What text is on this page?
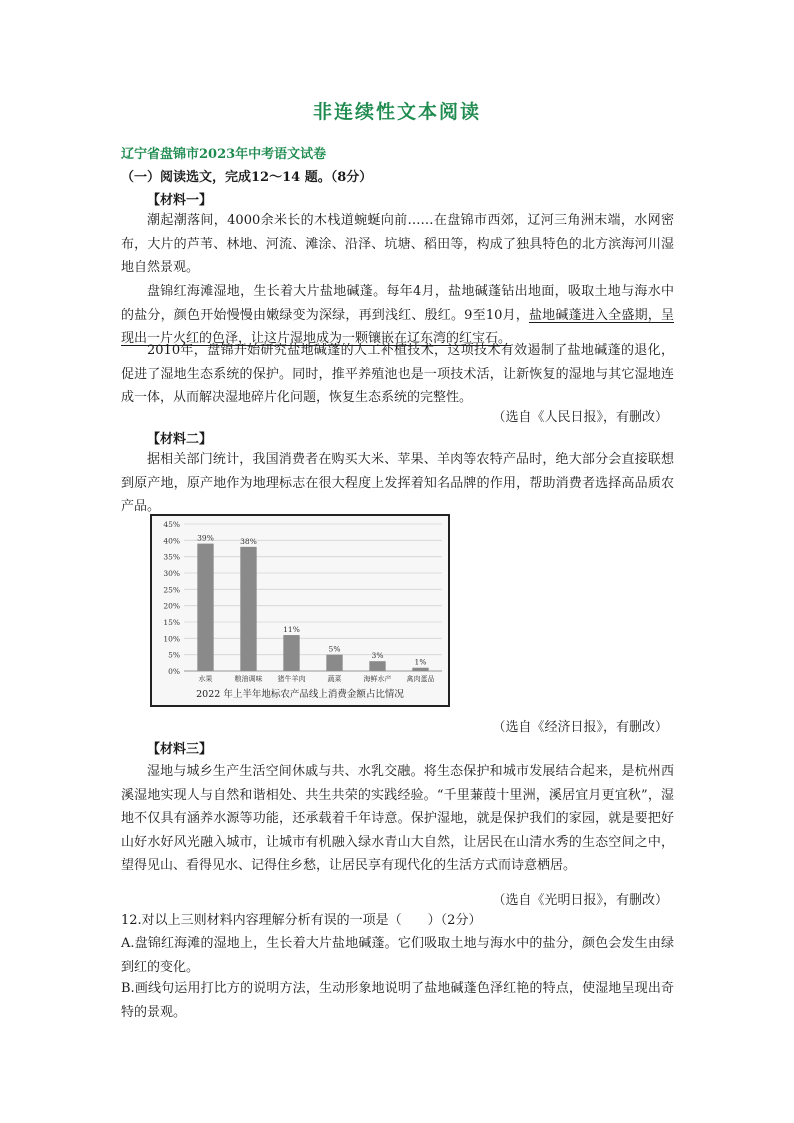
非连续性文本阅读
辽宁省盘锦市2023年中考语文试卷
（一）阅读选文，完成12～14 题。（8分）
【材料一】

潮起潮落间，4000余米长的木栈道蜿蜒向前……在盘锦市西郊，辽河三角洲末端，水网密布，大片的芦苇、林地、河流、滩涂、沿泽、坑塘、稻田等，构成了独具特色的北方滨海河川湿地自然景观。

盘锦红海滩湿地，生长着大片盐地碱蓬。每年4月，盐地碱蓬钻出地面，吸取土地与海水中的盐分，颜色开始慢慢由嫩绿变为深绿，再到浅红、殷红。9至10月，盐地碱蓬进入全盛期，呈现出一片火红的色泽，让这片湿地成为一颗镶嵌在辽东湾的红宝石。

2010年，盘锦开始研究盐地碱蓬的人工补植技术，这项技术有效遏制了盐地碱蓬的退化，促进了湿地生态系统的保护。同时，推平养殖池也是一项技术活，让新恢复的湿地与其它湿地连成一体，从而解决湿地碎片化问题，恢复生态系统的完整性。

（选自《人民日报》，有删改）
【材料二】

据相关部门统计，我国消费者在购买大米、苹果、羊肉等农特产品时，绝大部分会直接联想到原产地，原产地作为地理标志在很大程度上发挥着知名品牌的作用，帮助消费者选择高品质农产品。

0%
5%
10%
15%
20%
25%
30%
35%
40%
45%
39%
水果
38%
粮油调味
11%
猪牛羊肉
5%
蔬菜
3%
海鲜水产
1%
禽肉蛋品
2022 年上半年地标农产品线上消费金额占比情况
（选自《经济日报》，有删改）
【材料三】

湿地与城乡生产生活空间休戚与共、水乳交融。将生态保护和城市发展结合起来，是杭州西溪湿地实现人与自然和谐相处、共生共荣的实践经验。“千里蒹葭十里洲，溪居宜月更宜秋”，湿地不仅具有涵养水源等功能，还承载着千年诗意。保护湿地，就是保护我们的家园，就是要把好山好水好风光融入城市，让城市有机融入绿水青山大自然，让居民在山清水秀的生态空间之中，望得见山、看得见水、记得住乡愁，让居民享有现代化的生活方式而诗意栖居。

（选自《光明日报》，有删改）

12.对以上三则材料内容理解分析有误的一项是（　　）（2分）

A.盘锦红海滩的湿地上，生长着大片盐地碱蓬。它们吸取土地与海水中的盐分，颜色会发生由绿到红的变化。

B.画线句运用打比方的说明方法，生动形象地说明了盐地碱蓬色泽红艳的特点，使湿地呈现出奇特的景观。
